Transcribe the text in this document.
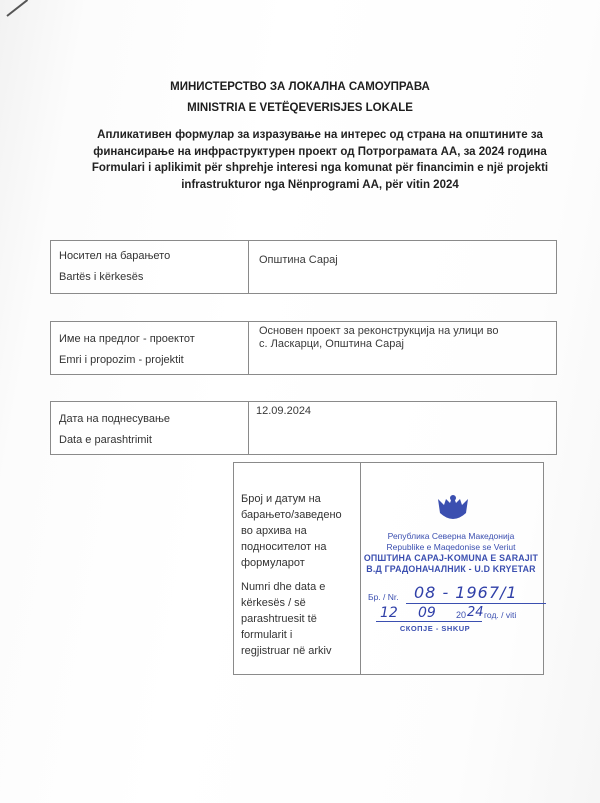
МИНИСТЕРСТВО ЗА ЛОКАЛНА САМОУПРАВА
MINISTRIA E VETËQEVERISJES LOKALE
Апликативен формулар за изразување на интерес од страна на општините за
финансирање на инфраструктурен проект од Потрограмата АА, за 2024 година
Formulari i aplikimit për shprehje interesi nga komunat për financimin e një projekti
infrastrukturor nga Nënprogrami AA, për vitin 2024
Носител на барањето
Bartës i kërkesës
Општина Сарај
Име на предлог - проектот
Emri i propozim - projektit
Основен проект за реконструкција на улици во
с. Ласкарци, Општина Сарај
Дата на поднесување
Data e parashtrimit
12.09.2024
Број и датум на
барањето/заведено
во архива на
подносителот на
формуларот
Numri dhe data e
kërkesës / së
parashtruesit të
formularit i
regjistruar në arkiv
Република Северна Македонија
Republike e Maqedonise se Veriut
ОПШТИНА САРАЈ-KOMUNA E SARAJIT
В.Д ГРАДОНАЧАЛНИК - U.D KRYETAR
Бр. / Nr. 08 - 1967/1
12 09 20 24 год. / viti
СКОПЈЕ - SHKUP
